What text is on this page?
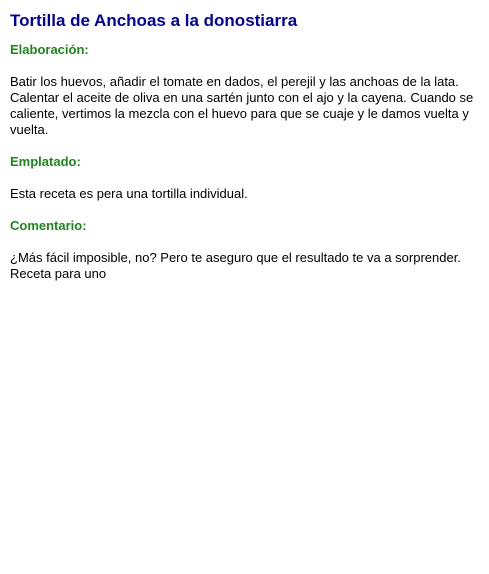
Tortilla de Anchoas a la donostiarra
Elaboración:

Batir los huevos, añadir el tomate en dados, el perejil y las anchoas de la lata. Calentar el aceite de oliva en una sartén junto con el ajo y la cayena. Cuando se caliente, vertimos la mezcla con el huevo para que se cuaje y le damos vuelta y vuelta.

Emplatado:

Esta receta es pera una tortilla individual.

Comentario:

¿Más fácil imposible, no? Pero te aseguro que el resultado te va a sorprender. Receta para uno
